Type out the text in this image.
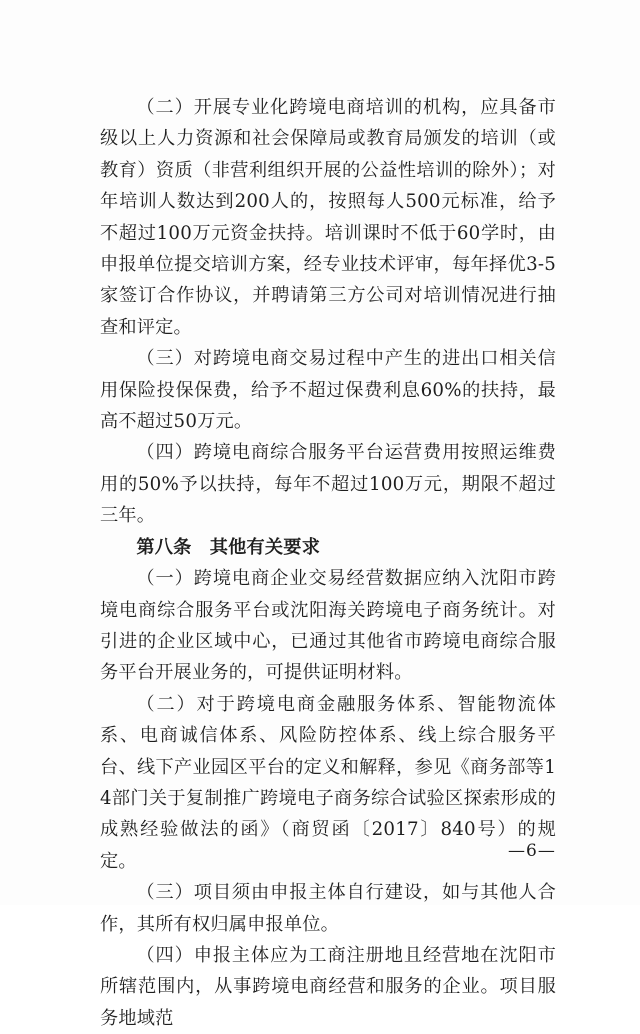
（二）开展专业化跨境电商培训的机构，应具备市级以上人力资源和社会保障局或教育局颁发的培训（或教育）资质（非营利组织开展的公益性培训的除外）；对年培训人数达到200人的，按照每人500元标准，给予不超过100万元资金扶持。培训课时不低于60学时，由申报单位提交培训方案，经专业技术评审，每年择优3-5家签订合作协议，并聘请第三方公司对培训情况进行抽查和评定。

（三）对跨境电商交易过程中产生的进出口相关信用保险投保保费，给予不超过保费利息60%的扶持，最高不超过50万元。

（四）跨境电商综合服务平台运营费用按照运维费用的50%予以扶持，每年不超过100万元，期限不超过三年。

第八条 其他有关要求

（一）跨境电商企业交易经营数据应纳入沈阳市跨境电商综合服务平台或沈阳海关跨境电子商务统计。对引进的企业区域中心，已通过其他省市跨境电商综合服务平台开展业务的，可提供证明材料。

（二）对于跨境电商金融服务体系、智能物流体系、电商诚信体系、风险防控体系、线上综合服务平台、线下产业园区平台的定义和解释，参见《商务部等14部门关于复制推广跨境电子商务综合试验区探索形成的成熟经验做法的函》（商贸函〔2017〕840号）的规定。

（三）项目须由申报主体自行建设，如与其他人合作，其所有权归属申报单位。

（四）申报主体应为工商注册地且经营地在沈阳市所辖范围内，从事跨境电商经营和服务的企业。项目服务地域范

—6—
